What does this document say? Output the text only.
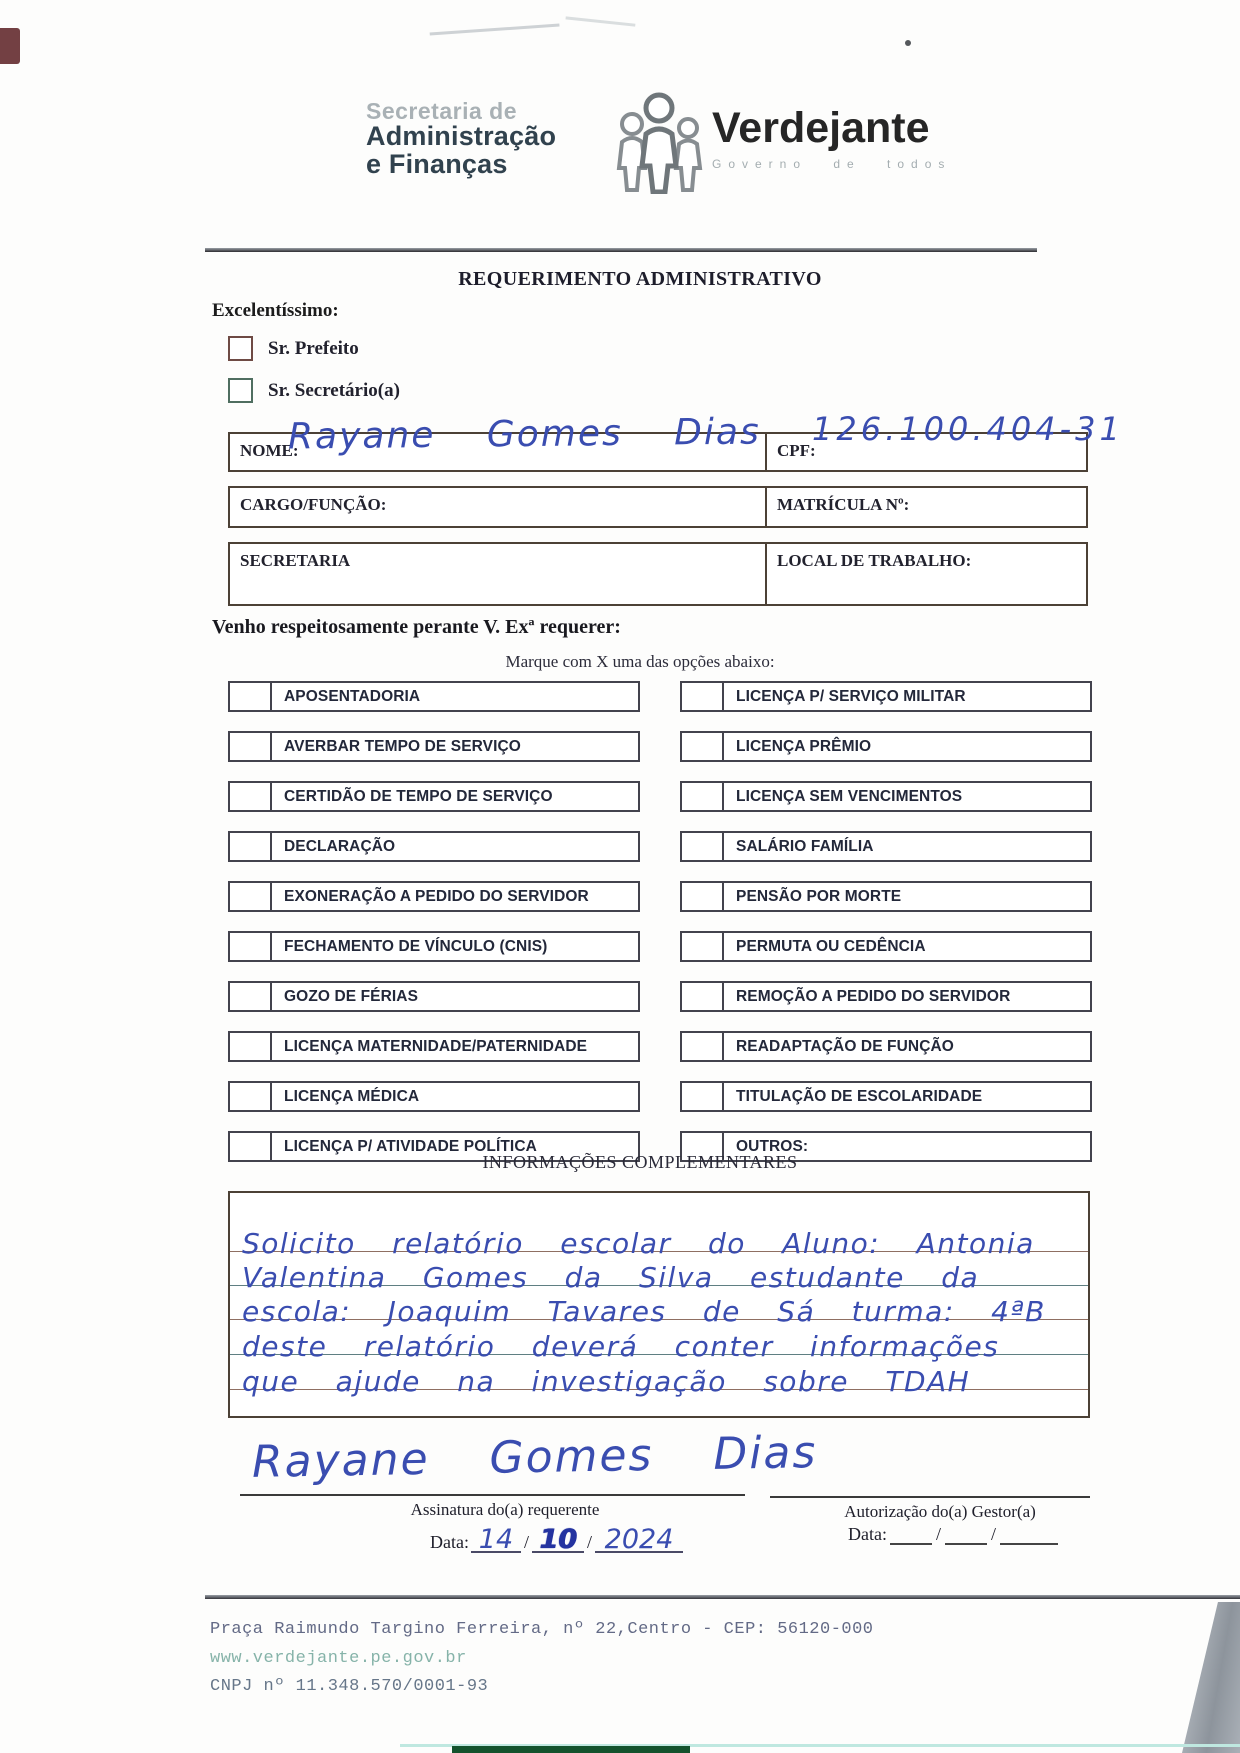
Secretaria de
Administração
e Finanças
Verdejante
Governo de todos
REQUERIMENTO ADMINISTRATIVO
Excelentíssimo:
Sr. Prefeito
Sr. Secretário(a)
NOME:	CPF:
CARGO/FUNÇÃO:	MATRÍCULA Nº:
SECRETARIA	LOCAL DE TRABALHO:
Rayane Gomes Dias 126.100.404-31
Venho respeitosamente perante V. Exª requerer:
Marque com X uma das opções abaixo:
APOSENTADORIA
AVERBAR TEMPO DE SERVIÇO
CERTIDÃO DE TEMPO DE SERVIÇO
DECLARAÇÃO
EXONERAÇÃO A PEDIDO DO SERVIDOR
FECHAMENTO DE VÍNCULO (CNIS)
GOZO DE FÉRIAS
LICENÇA MATERNIDADE/PATERNIDADE
LICENÇA MÉDICA
LICENÇA P/ ATIVIDADE POLÍTICA
LICENÇA P/ SERVIÇO MILITAR
LICENÇA PRÊMIO
LICENÇA SEM VENCIMENTOS
SALÁRIO FAMÍLIA
PENSÃO POR MORTE
PERMUTA OU CEDÊNCIA
REMOÇÃO A PEDIDO DO SERVIDOR
READAPTAÇÃO DE FUNÇÃO
TITULAÇÃO DE ESCOLARIDADE
OUTROS:
INFORMAÇÕES COMPLEMENTARES
Solicito relatório escolar do Aluno: Antonia
Valentina Gomes da Silva estudante da
escola: Joaquim Tavares de Sá turma: 4ªB
deste relatório deverá conter informações
que ajude na investigação sobre TDAH
Rayane Gomes Dias
Assinatura do(a) requerente
Data: 14 / 10 / 2024
Autorização do(a) Gestor(a)
Data:	/	/
Praça Raimundo Targino Ferreira, nº 22,Centro - CEP: 56120-000
www.verdejante.pe.gov.br
CNPJ nº 11.348.570/0001-93
